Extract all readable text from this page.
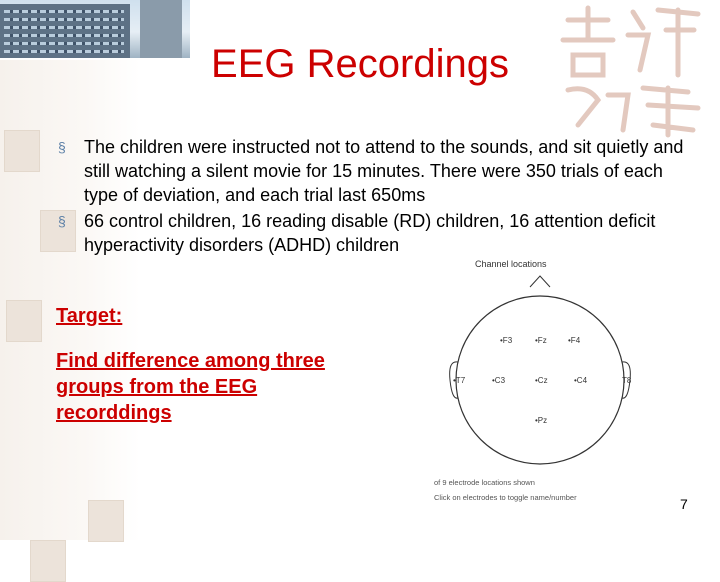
EEG Recordings
§ The children were instructed not to attend to the sounds, and sit quietly and still watching a silent movie for 15 minutes. There were 350 trials of each type of deviation, and each trial last 650ms
§ 66 control children, 16 reading disable (RD) children, 16 attention deficit hyperactivity disorders (ADHD) children
Target:
Find difference among three groups from the EEG recorddings
Channel locations
•F3	•Fz	•F4
•T7	•C3	•Cz	•C4	T8
•Pz
of 9 electrode locations shown
Click on electrodes to toggle name/number	7
